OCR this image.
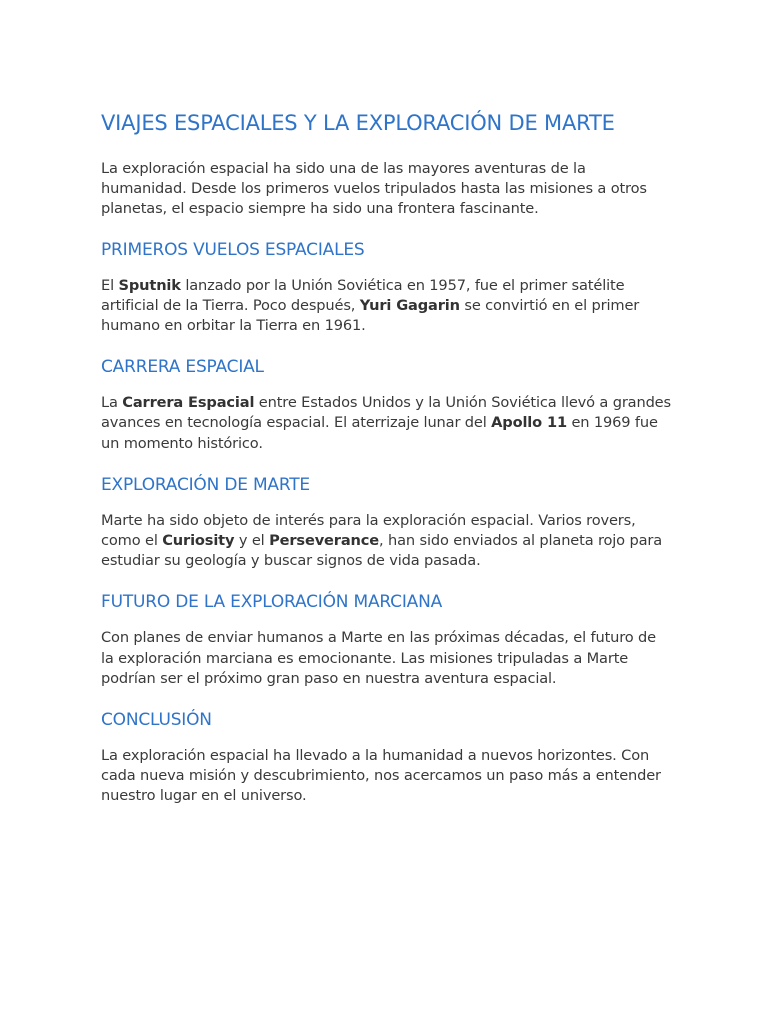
VIAJES ESPACIALES Y LA EXPLORACIÓN DE MARTE

La exploración espacial ha sido una de las mayores aventuras de la
humanidad. Desde los primeros vuelos tripulados hasta las misiones a otros
planetas, el espacio siempre ha sido una frontera fascinante.

PRIMEROS VUELOS ESPACIALES

El Sputnik lanzado por la Unión Soviética en 1957, fue el primer satélite
artificial de la Tierra. Poco después, Yuri Gagarin se convirtió en el primer
humano en orbitar la Tierra en 1961.

CARRERA ESPACIAL

La Carrera Espacial entre Estados Unidos y la Unión Soviética llevó a grandes
avances en tecnología espacial. El aterrizaje lunar del Apollo 11 en 1969 fue
un momento histórico.

EXPLORACIÓN DE MARTE

Marte ha sido objeto de interés para la exploración espacial. Varios rovers,
como el Curiosity y el Perseverance, han sido enviados al planeta rojo para
estudiar su geología y buscar signos de vida pasada.

FUTURO DE LA EXPLORACIÓN MARCIANA

Con planes de enviar humanos a Marte en las próximas décadas, el futuro de
la exploración marciana es emocionante. Las misiones tripuladas a Marte
podrían ser el próximo gran paso en nuestra aventura espacial.

CONCLUSIÓN

La exploración espacial ha llevado a la humanidad a nuevos horizontes. Con
cada nueva misión y descubrimiento, nos acercamos un paso más a entender
nuestro lugar en el universo.
